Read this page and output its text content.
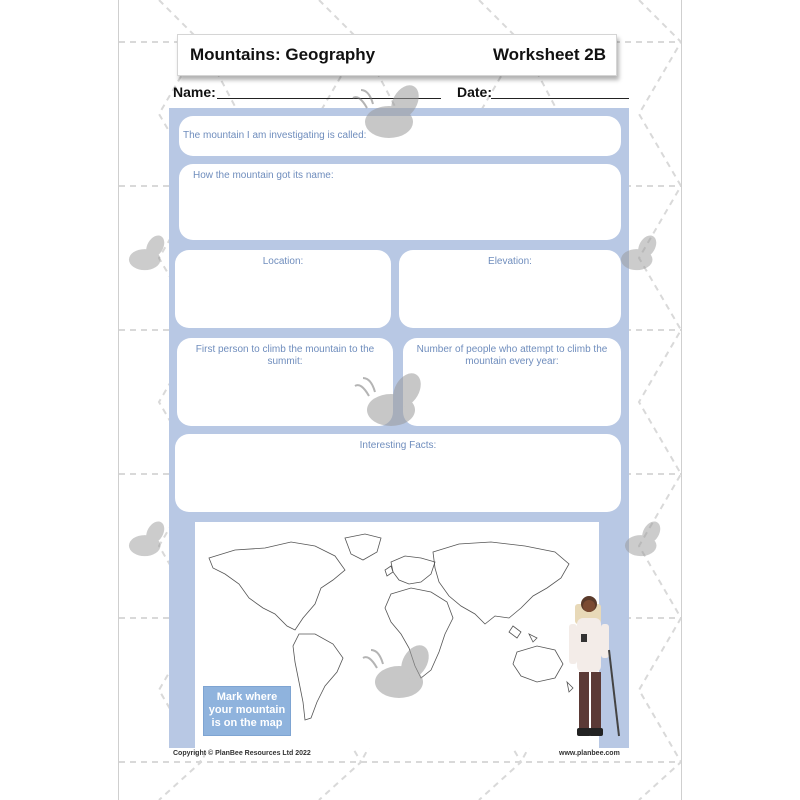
Mountains: Geography	Worksheet 2B
Name:	Date:
The mountain I am investigating is called:
How the mountain got its name:
Location:	Elevation:
First person to climb the mountain to the summit:
Number of people who attempt to climb the mountain every year:
Interesting Facts:
Mark where your mountain is on the map
Copyright © PlanBee Resources Ltd 2022	www.planbee.com
